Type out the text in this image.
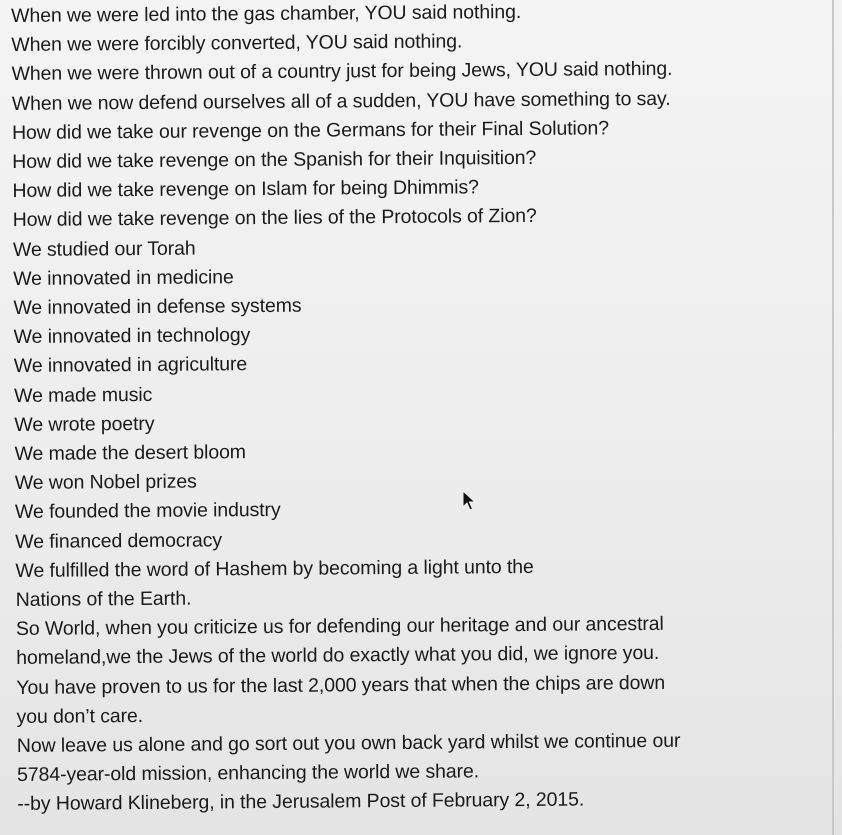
When we were led into the gas chamber, YOU said nothing.
When we were forcibly converted, YOU said nothing.
When we were thrown out of a country just for being Jews, YOU said nothing.
When we now defend ourselves all of a sudden, YOU have something to say.
How did we take our revenge on the Germans for their Final Solution?
How did we take revenge on the Spanish for their Inquisition?
How did we take revenge on Islam for being Dhimmis?
How did we take revenge on the lies of the Protocols of Zion?
We studied our Torah
We innovated in medicine
We innovated in defense systems
We innovated in technology
We innovated in agriculture
We made music
We wrote poetry
We made the desert bloom
We won Nobel prizes
We founded the movie industry
We financed democracy
We fulfilled the word of Hashem by becoming a light unto the
Nations of the Earth.
So World, when you criticize us for defending our heritage and our ancestral
homeland,we the Jews of the world do exactly what you did, we ignore you.
You have proven to us for the last 2,000 years that when the chips are down
you don’t care.
Now leave us alone and go sort out you own back yard whilst we continue our
5784-year-old mission, enhancing the world we share.
--by Howard Klineberg, in the Jerusalem Post of February 2, 2015.
